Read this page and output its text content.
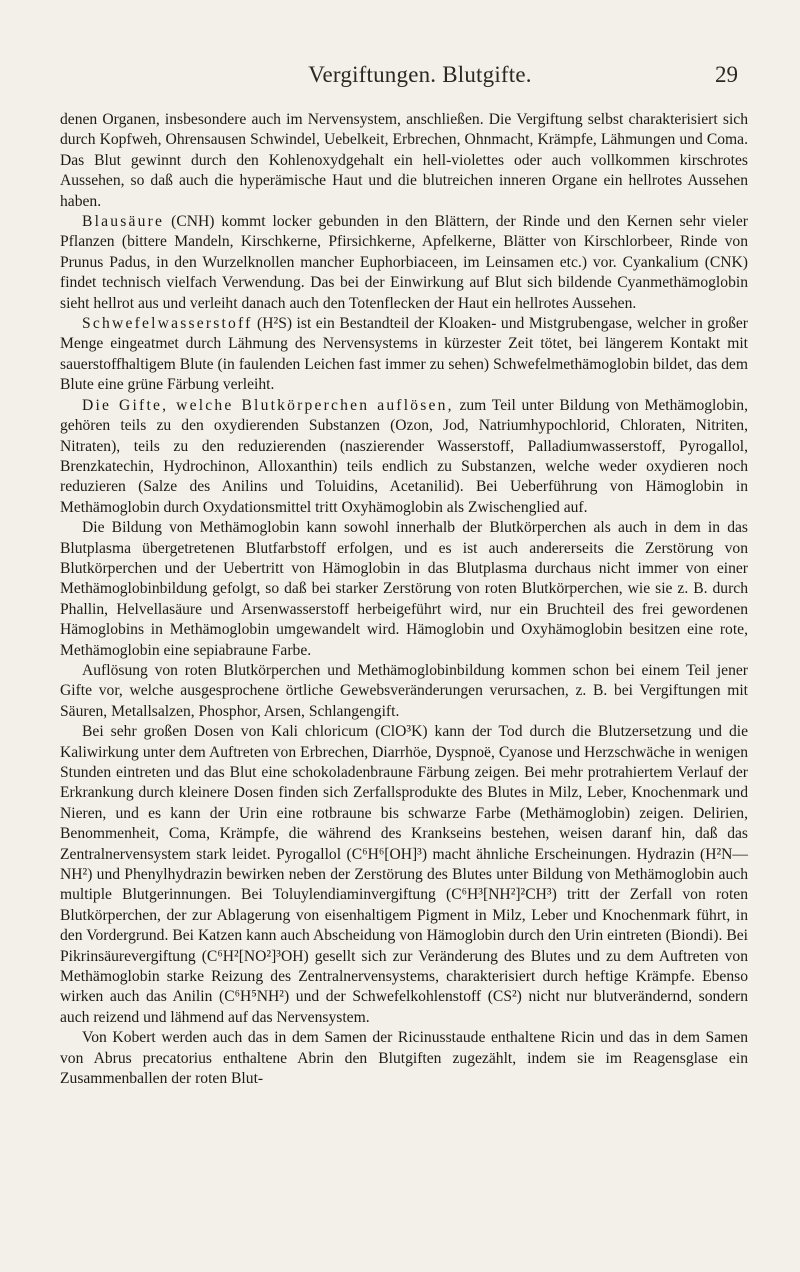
Vergiftungen. Blutgifte.	29

denen Organen, insbesondere auch im Nervensystem, anschließen. Die Vergiftung selbst charakterisiert sich durch Kopfweh, Ohrensausen Schwindel, Uebelkeit, Erbrechen, Ohnmacht, Krämpfe, Lähmungen und Coma. Das Blut gewinnt durch den Kohlenoxydgehalt ein hell-violettes oder auch vollkommen kirschrotes Aussehen, so daß auch die hyperämische Haut und die blutreichen inneren Organe ein hellrotes Aussehen haben.

Blausäure (CNH) kommt locker gebunden in den Blättern, der Rinde und den Kernen sehr vieler Pflanzen (bittere Mandeln, Kirschkerne, Pfirsichkerne, Apfelkerne, Blätter von Kirschlorbeer, Rinde von Prunus Padus, in den Wurzelknollen mancher Euphorbiaceen, im Leinsamen etc.) vor. Cyankalium (CNK) findet technisch vielfach Verwendung. Das bei der Einwirkung auf Blut sich bildende Cyanmethämoglobin sieht hellrot aus und verleiht danach auch den Totenflecken der Haut ein hellrotes Aussehen.

Schwefelwasserstoff (H²S) ist ein Bestandteil der Kloaken- und Mistgrubengase, welcher in großer Menge eingeatmet durch Lähmung des Nervensystems in kürzester Zeit tötet, bei längerem Kontakt mit sauerstoffhaltigem Blute (in faulenden Leichen fast immer zu sehen) Schwefelmethämoglobin bildet, das dem Blute eine grüne Färbung verleiht.

Die Gifte, welche Blutkörperchen auflösen, zum Teil unter Bildung von Methämoglobin, gehören teils zu den oxydierenden Substanzen (Ozon, Jod, Natriumhypochlorid, Chloraten, Nitriten, Nitraten), teils zu den reduzierenden (naszierender Wasserstoff, Palladiumwasserstoff, Pyrogallol, Brenzkatechin, Hydrochinon, Alloxanthin) teils endlich zu Substanzen, welche weder oxydieren noch reduzieren (Salze des Anilins und Toluidins, Acetanilid). Bei Ueberführung von Hämoglobin in Methämoglobin durch Oxydationsmittel tritt Oxyhämoglobin als Zwischenglied auf.

Die Bildung von Methämoglobin kann sowohl innerhalb der Blutkörperchen als auch in dem in das Blutplasma übergetretenen Blutfarbstoff erfolgen, und es ist auch andererseits die Zerstörung von Blutkörperchen und der Uebertritt von Hämoglobin in das Blutplasma durchaus nicht immer von einer Methämoglobinbildung gefolgt, so daß bei starker Zerstörung von roten Blutkörperchen, wie sie z. B. durch Phallin, Helvellasäure und Arsenwasserstoff herbeigeführt wird, nur ein Bruchteil des frei gewordenen Hämoglobins in Methämoglobin umgewandelt wird. Hämoglobin und Oxyhämoglobin besitzen eine rote, Methämoglobin eine sepiabraune Farbe.

Auflösung von roten Blutkörperchen und Methämoglobinbildung kommen schon bei einem Teil jener Gifte vor, welche ausgesprochene örtliche Gewebsveränderungen verursachen, z. B. bei Vergiftungen mit Säuren, Metallsalzen, Phosphor, Arsen, Schlangengift.

Bei sehr großen Dosen von Kali chloricum (ClO³K) kann der Tod durch die Blutzersetzung und die Kaliwirkung unter dem Auftreten von Erbrechen, Diarrhöe, Dyspnoë, Cyanose und Herzschwäche in wenigen Stunden eintreten und das Blut eine schokoladenbraune Färbung zeigen. Bei mehr protrahiertem Verlauf der Erkrankung durch kleinere Dosen finden sich Zerfallsprodukte des Blutes in Milz, Leber, Knochenmark und Nieren, und es kann der Urin eine rotbraune bis schwarze Farbe (Methämoglobin) zeigen. Delirien, Benommenheit, Coma, Krämpfe, die während des Krankseins bestehen, weisen daranf hin, daß das Zentralnervensystem stark leidet. Pyrogallol (C⁶H⁶[OH]³) macht ähnliche Erscheinungen. Hydrazin (H²N—NH²) und Phenylhydrazin bewirken neben der Zerstörung des Blutes unter Bildung von Methämoglobin auch multiple Blutgerinnungen. Bei Toluylendiaminvergiftung (C⁶H³[NH²]²CH³) tritt der Zerfall von roten Blutkörperchen, der zur Ablagerung von eisenhaltigem Pigment in Milz, Leber und Knochenmark führt, in den Vordergrund. Bei Katzen kann auch Abscheidung von Hämoglobin durch den Urin eintreten (Biondi). Bei Pikrinsäurevergiftung (C⁶H²[NO²]³OH) gesellt sich zur Veränderung des Blutes und zu dem Auftreten von Methämoglobin starke Reizung des Zentralnervensystems, charakterisiert durch heftige Krämpfe. Ebenso wirken auch das Anilin (C⁶H⁵NH²) und der Schwefelkohlenstoff (CS²) nicht nur blutverändernd, sondern auch reizend und lähmend auf das Nervensystem.

Von Kobert werden auch das in dem Samen der Ricinusstaude enthaltene Ricin und das in dem Samen von Abrus precatorius enthaltene Abrin den Blutgiften zugezählt, indem sie im Reagensglase ein Zusammenballen der roten Blut-
